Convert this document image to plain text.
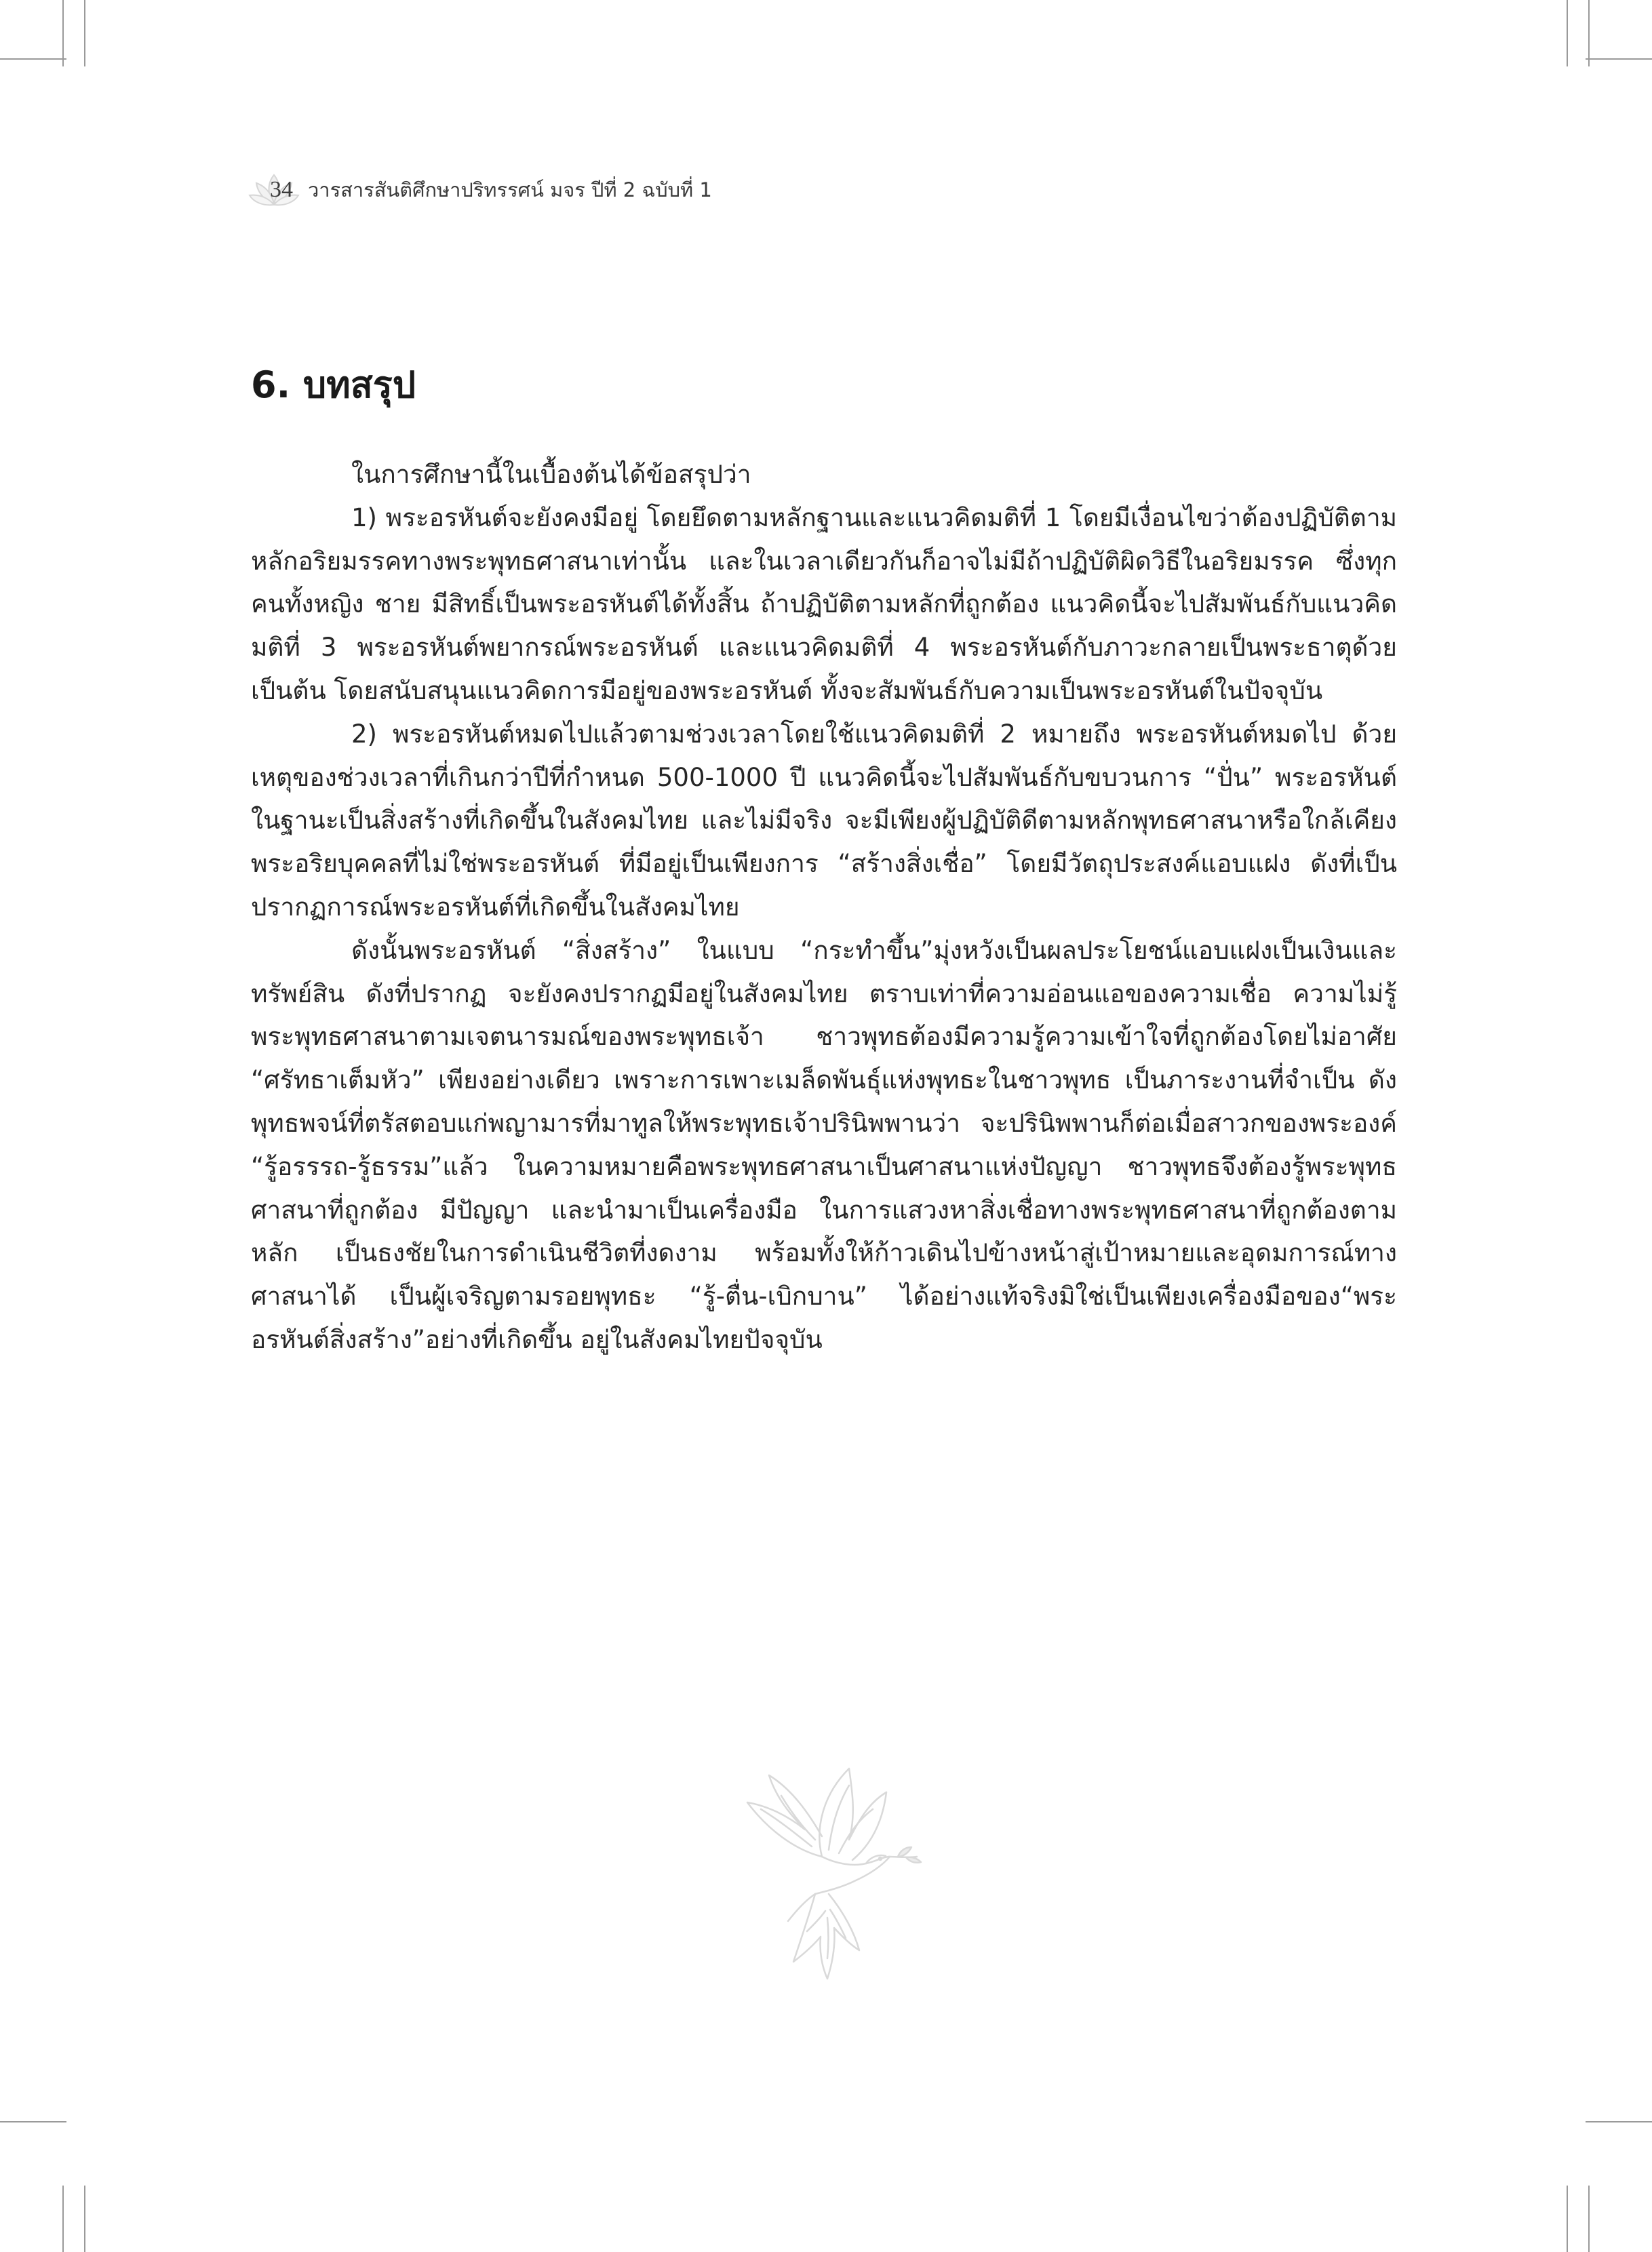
34 วารสารสันติศึกษาปริทรรศน์ มจร ปีที่ 2 ฉบับที่ 1
6. บทสรุป

ในการศึกษานี้ในเบื้องต้นได้ข้อสรุปว่า

1) พระอรหันต์จะยังคงมีอยู่ โดยยึดตามหลักฐานและแนวคิดมติที่ 1 โดยมีเงื่อนไขว่าต้องปฏิบัติตามหลักอริยมรรคทางพระพุทธศาสนาเท่านั้น และในเวลาเดียวกันก็อาจไม่มีถ้าปฏิบัติผิดวิธีในอริยมรรค ซึ่งทุกคนทั้งหญิง ชาย มีสิทธิ์เป็นพระอรหันต์ได้ทั้งสิ้น ถ้าปฏิบัติตามหลักที่ถูกต้อง แนวคิดนี้จะไปสัมพันธ์กับแนวคิดมติที่ 3 พระอรหันต์พยากรณ์พระอรหันต์ และแนวคิดมติที่ 4 พระอรหันต์กับภาวะกลายเป็นพระธาตุด้วย เป็นต้น โดยสนับสนุนแนวคิดการมีอยู่ของพระอรหันต์ ทั้งจะสัมพันธ์กับความเป็นพระอรหันต์ในปัจจุบัน

2) พระอรหันต์หมดไปแล้วตามช่วงเวลาโดยใช้แนวคิดมติที่ 2 หมายถึง พระอรหันต์หมดไป ด้วยเหตุของช่วงเวลาที่เกินกว่าปีที่กำหนด 500-1000 ปี แนวคิดนี้จะไปสัมพันธ์กับขบวนการ “ปั่น” พระอรหันต์ในฐานะเป็นสิ่งสร้างที่เกิดขึ้นในสังคมไทย และไม่มีจริง จะมีเพียงผู้ปฏิบัติดีตามหลักพุทธศาสนาหรือใกล้เคียง พระอริยบุคคลที่ไม่ใช่พระอรหันต์ ที่มีอยู่เป็นเพียงการ “สร้างสิ่งเชื่อ” โดยมีวัตถุประสงค์แอบแฝง ดังที่เป็นปรากฏการณ์พระอรหันต์ที่เกิดขึ้นในสังคมไทย

ดังนั้นพระอรหันต์ “สิ่งสร้าง” ในแบบ “กระทำขึ้น”มุ่งหวังเป็นผลประโยชน์แอบแฝงเป็นเงินและทรัพย์สิน ดังที่ปรากฏ จะยังคงปรากฏมีอยู่ในสังคมไทย ตราบเท่าที่ความอ่อนแอของความเชื่อ ความไม่รู้พระพุทธศาสนาตามเจตนารมณ์ของพระพุทธเจ้า ชาวพุทธต้องมีความรู้ความเข้าใจที่ถูกต้องโดยไม่อาศัย “ศรัทธาเต็มหัว” เพียงอย่างเดียว เพราะการเพาะเมล็ดพันธุ์แห่งพุทธะในชาวพุทธ เป็นภาระงานที่จำเป็น ดังพุทธพจน์ที่ตรัสตอบแก่พญามารที่มาทูลให้พระพุทธเจ้าปรินิพพานว่า จะปรินิพพานก็ต่อเมื่อสาวกของพระองค์ “รู้อรรรถ-รู้ธรรม”แล้ว ในความหมายคือพระพุทธศาสนาเป็นศาสนาแห่งปัญญา ชาวพุทธจึงต้องรู้พระพุทธศาสนาที่ถูกต้อง มีปัญญา และนำมาเป็นเครื่องมือ ในการแสวงหาสิ่งเชื่อทางพระพุทธศาสนาที่ถูกต้องตามหลัก เป็นธงชัยในการดำเนินชีวิตที่งดงาม พร้อมทั้งให้ก้าวเดินไปข้างหน้าสู่เป้าหมายและอุดมการณ์ทางศาสนาได้ เป็นผู้เจริญตามรอยพุทธะ “รู้-ตื่น-เบิกบาน” ได้อย่างแท้จริงมิใช่เป็นเพียงเครื่องมือของ“พระอรหันต์สิ่งสร้าง”อย่างที่เกิดขึ้น อยู่ในสังคมไทยปัจจุบัน
